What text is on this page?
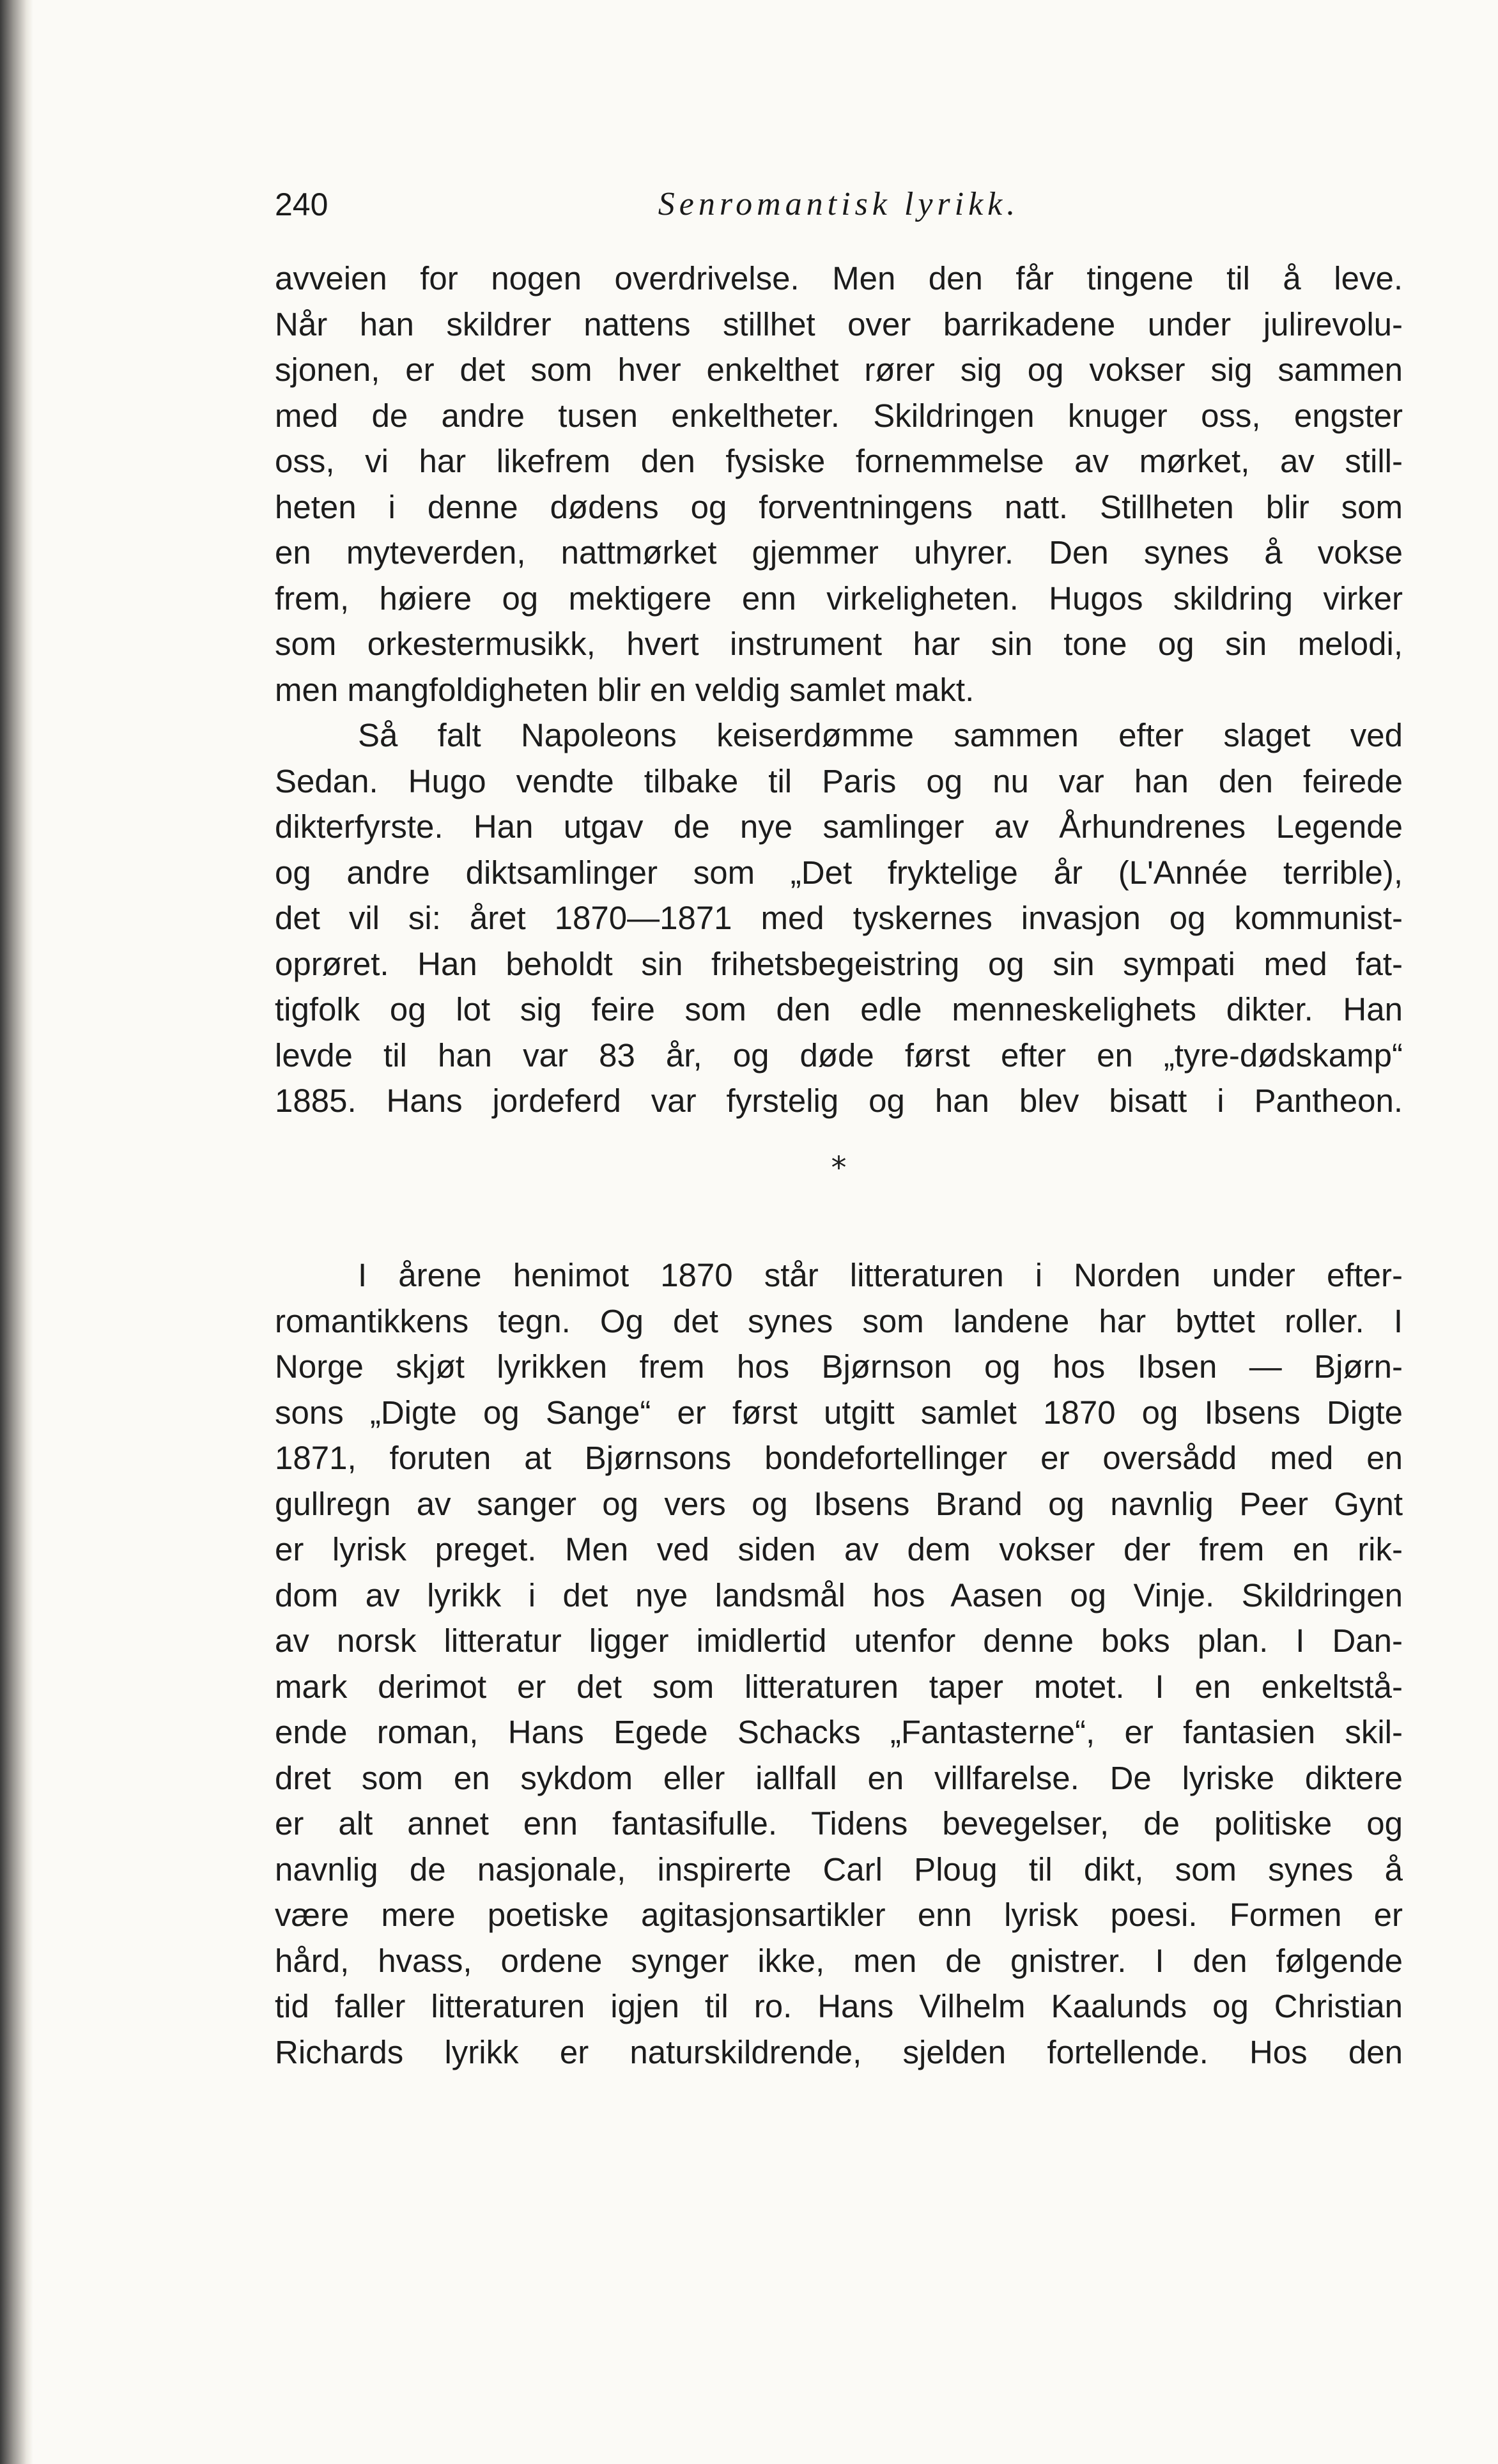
240	Senromantisk lyrikk.
avveien for nogen overdrivelse. Men den får tingene til å leve.
Når han skildrer nattens stillhet over barrikadene under julirevolu-
sjonen, er det som hver enkelthet rører sig og vokser sig sammen
med de andre tusen enkeltheter. Skildringen knuger oss, engster
oss, vi har likefrem den fysiske fornemmelse av mørket, av still-
heten i denne dødens og forventningens natt. Stillheten blir som
en myteverden, nattmørket gjemmer uhyrer. Den synes å vokse
frem, høiere og mektigere enn virkeligheten. Hugos skildring virker
som orkestermusikk, hvert instrument har sin tone og sin melodi,
men mangfoldigheten blir en veldig samlet makt.
Så falt Napoleons keiserdømme sammen efter slaget ved
Sedan. Hugo vendte tilbake til Paris og nu var han den feirede
dikterfyrste. Han utgav de nye samlinger av Århundrenes Legende
og andre diktsamlinger som „Det fryktelige år (L'Année terrible),
det vil si: året 1870—1871 med tyskernes invasjon og kommunist-
oprøret. Han beholdt sin frihetsbegeistring og sin sympati med fat-
tigfolk og lot sig feire som den edle menneskelighets dikter. Han
levde til han var 83 år, og døde først efter en „tyre-dødskamp“
1885. Hans jordeferd var fyrstelig og han blev bisatt i Pantheon.
*
I årene henimot 1870 står litteraturen i Norden under efter-
romantikkens tegn. Og det synes som landene har byttet roller. I
Norge skjøt lyrikken frem hos Bjørnson og hos Ibsen — Bjørn-
sons „Digte og Sange“ er først utgitt samlet 1870 og Ibsens Digte
1871, foruten at Bjørnsons bondefortellinger er oversådd med en
gullregn av sanger og vers og Ibsens Brand og navnlig Peer Gynt
er lyrisk preget. Men ved siden av dem vokser der frem en rik-
dom av lyrikk i det nye landsmål hos Aasen og Vinje. Skildringen
av norsk litteratur ligger imidlertid utenfor denne boks plan. I Dan-
mark derimot er det som litteraturen taper motet. I en enkeltstå-
ende roman, Hans Egede Schacks „Fantasterne“, er fantasien skil-
dret som en sykdom eller iallfall en villfarelse. De lyriske diktere
er alt annet enn fantasifulle. Tidens bevegelser, de politiske og
navnlig de nasjonale, inspirerte Carl Ploug til dikt, som synes å
være mere poetiske agitasjonsartikler enn lyrisk poesi. Formen er
hård, hvass, ordene synger ikke, men de gnistrer. I den følgende
tid faller litteraturen igjen til ro. Hans Vilhelm Kaalunds og Christian
Richards lyrikk er naturskildrende, sjelden fortellende. Hos den
